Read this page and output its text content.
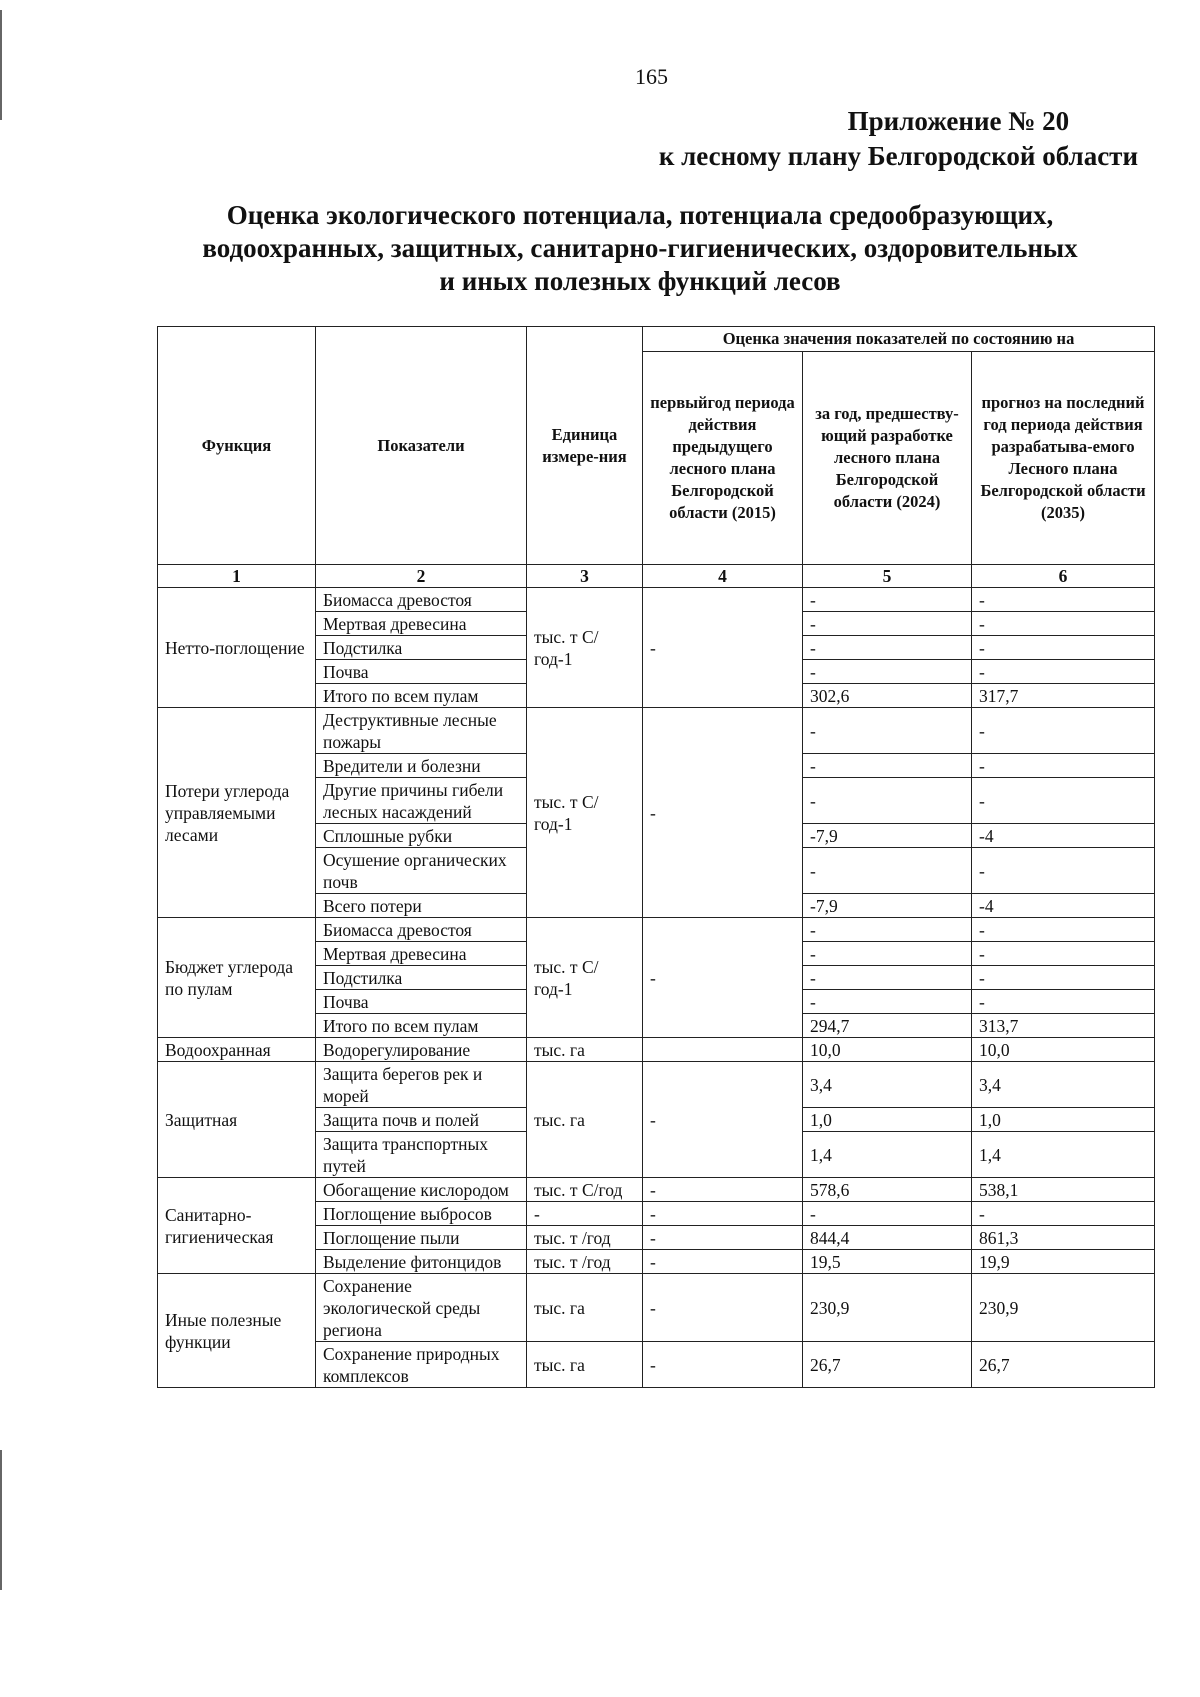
165
Приложение № 20
к лесному плану Белгородской области
Оценка экологического потенциала, потенциала средообразующих,
водоохранных, защитных, санитарно-гигиенических, оздоровительных
и иных полезных функций лесов
Функция	Показатели	Единица измере-ния	Оценка значения показателей по состоянию на		
			первыйгод периода действия предыдущего лесного плана Белгородской области (2015)	за год, предшеству-ющий разработке лесного плана Белгородской области (2024)	прогноз на последний год периода действия разрабатыва-емого Лесного плана Белгородской области (2035)
1	2	3	4	5	6
Нетто-поглощение	Биомасса древостоя	тыс. т С/год-1	-	-	-
	Мертвая древесина			-	-
	Подстилка			-	-
	Почва			-	-
	Итого по всем пулам			302,6	317,7
Потери углерода управляемыми лесами	Деструктивные лесные пожары	тыс. т С/год-1	-	-	-
	Вредители и болезни			-	-
	Другие причины гибели лесных насаждений			-	-
	Сплошные рубки			-7,9	-4
	Осушение органических почв			-	-
	Всего потери			-7,9	-4
Бюджет углерода по пулам	Биомасса древостоя	тыс. т С/год-1	-	-	-
	Мертвая древесина			-	-
	Подстилка			-	-
	Почва			-	-
	Итого по всем пулам			294,7	313,7
Водоохранная	Водорегулирование	тыс. га		10,0	10,0
Защитная	Защита берегов рек и морей	тыс. га	-	3,4	3,4
	Защита почв и полей			1,0	1,0
	Защита транспортных путей			1,4	1,4
Санитарно-гигиеническая	Обогащение кислородом	тыс. т С/год	-	578,6	538,1
	Поглощение выбросов	-	-	-	-
	Поглощение пыли	тыс. т /год	-	844,4	861,3
	Выделение фитонцидов	тыс. т /год	-	19,5	19,9
Иные полезные функции	Сохранение экологической среды региона	тыс. га	-	230,9	230,9
	Сохранение природных комплексов	тыс. га	-	26,7	26,7
